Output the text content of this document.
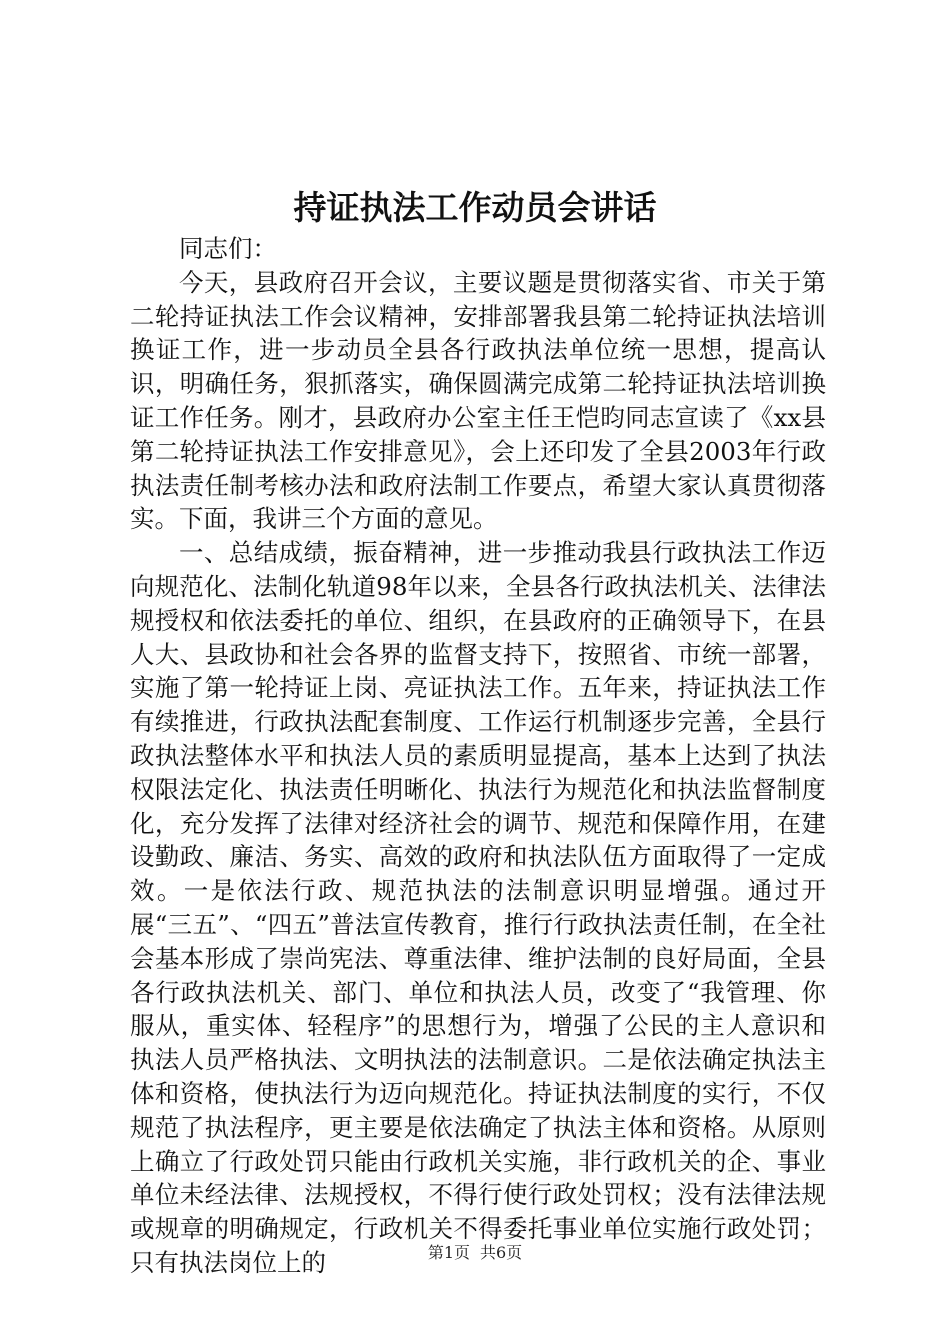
持证执法工作动员会讲话

同志们：

今天，县政府召开会议，主要议题是贯彻落实省、市关于第二轮持证执法工作会议精神，安排部署我县第二轮持证执法培训换证工作，进一步动员全县各行政执法单位统一思想，提高认识，明确任务，狠抓落实，确保圆满完成第二轮持证执法培训换证工作任务。刚才，县政府办公室主任王恺昀同志宣读了《xx县第二轮持证执法工作安排意见》，会上还印发了全县2003年行政执法责任制考核办法和政府法制工作要点，希望大家认真贯彻落实。下面，我讲三个方面的意见。

一、总结成绩，振奋精神，进一步推动我县行政执法工作迈向规范化、法制化轨道98年以来，全县各行政执法机关、法律法规授权和依法委托的单位、组织，在县政府的正确领导下，在县人大、县政协和社会各界的监督支持下，按照省、市统一部署，实施了第一轮持证上岗、亮证执法工作。五年来，持证执法工作有续推进，行政执法配套制度、工作运行机制逐步完善，全县行政执法整体水平和执法人员的素质明显提高，基本上达到了执法权限法定化、执法责任明晰化、执法行为规范化和执法监督制度化，充分发挥了法律对经济社会的调节、规范和保障作用，在建设勤政、廉洁、务实、高效的政府和执法队伍方面取得了一定成效。一是依法行政、规范执法的法制意识明显增强。通过开展“三五”、“四五”普法宣传教育，推行行政执法责任制，在全社会基本形成了崇尚宪法、尊重法律、维护法制的良好局面，全县各行政执法机关、部门、单位和执法人员，改变了“我管理、你服从，重实体、轻程序”的思想行为，增强了公民的主人意识和执法人员严格执法、文明执法的法制意识。二是依法确定执法主体和资格，使执法行为迈向规范化。持证执法制度的实行，不仅规范了执法程序，更主要是依法确定了执法主体和资格。从原则上确立了行政处罚只能由行政机关实施，非行政机关的企、事业单位未经法律、法规授权，不得行使行政处罚权；没有法律法规或规章的明确规定，行政机关不得委托事业单位实施行政处罚；只有执法岗位上的	第1页 共6页
